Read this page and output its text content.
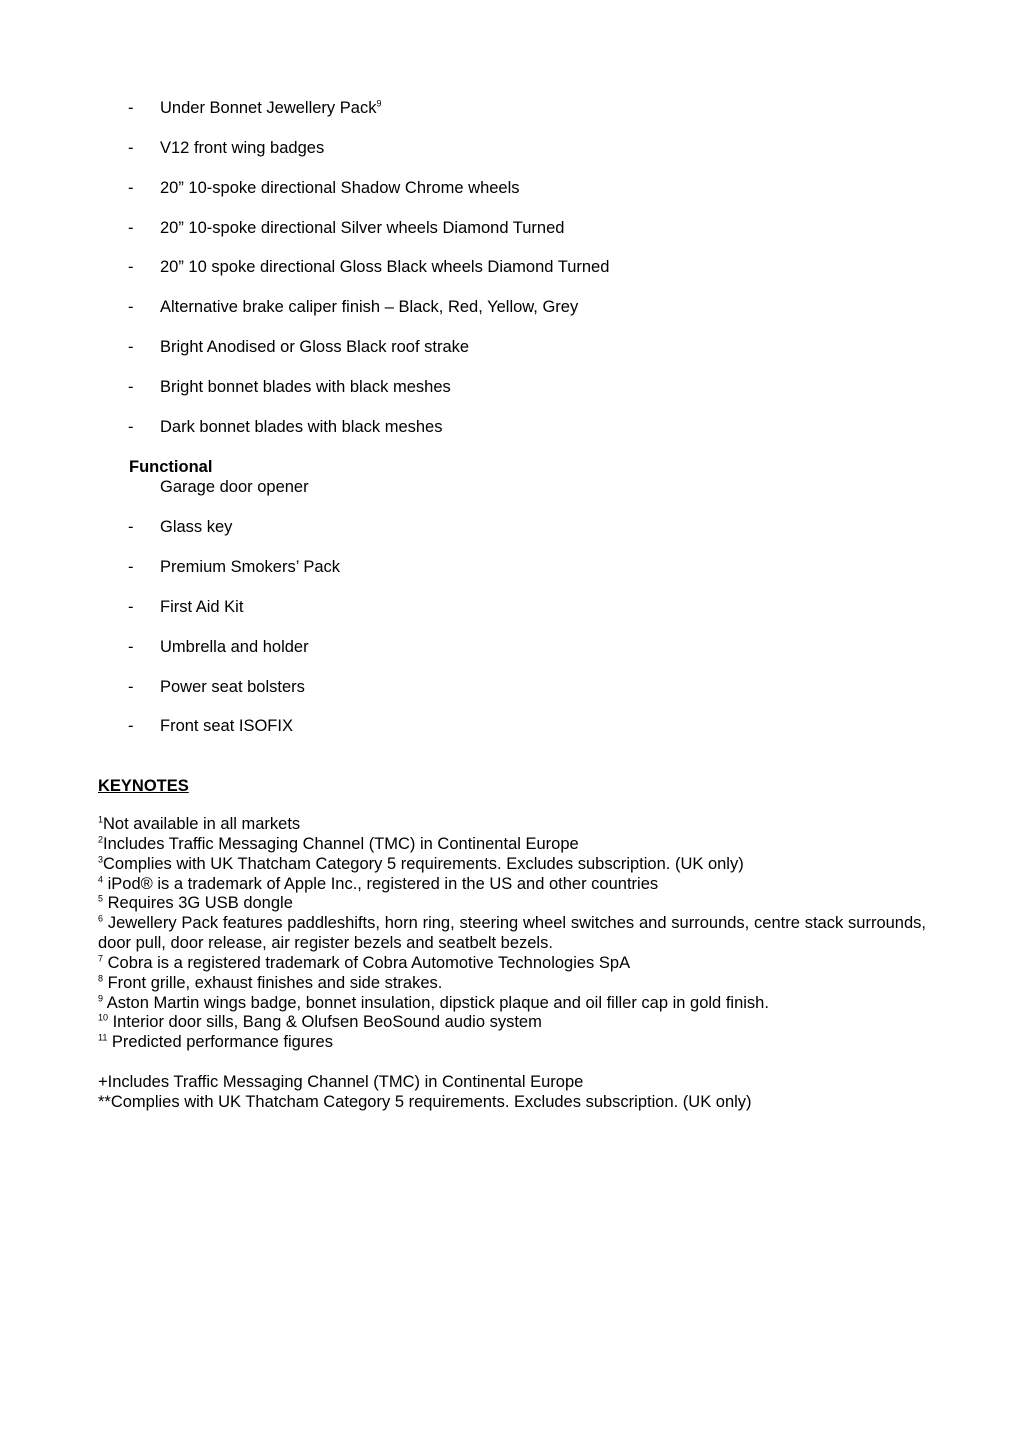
- Under Bonnet Jewellery Pack$^9$
- V12 front wing badges
- 20” 10-spoke directional Shadow Chrome wheels
- 20” 10-spoke directional Silver wheels Diamond Turned
- 20” 10 spoke directional Gloss Black wheels Diamond Turned
- Alternative brake caliper finish – Black, Red, Yellow, Grey
- Bright Anodised or Gloss Black roof strake
- Bright bonnet blades with black meshes
- Dark bonnet blades with black meshes
Functional
Garage door opener
- Glass key
- Premium Smokers’ Pack
- First Aid Kit
- Umbrella and holder
- Power seat bolsters
- Front seat ISOFIX
KEYNOTES
$^1$Not available in all markets
$^2$Includes Traffic Messaging Channel (TMC) in Continental Europe
$^3$Complies with UK Thatcham Category 5 requirements. Excludes subscription. (UK only)
$^4$ iPod® is a trademark of Apple Inc., registered in the US and other countries
$^5$ Requires 3G USB dongle
$^6$ Jewellery Pack features paddleshifts, horn ring, steering wheel switches and surrounds, centre stack surrounds, door pull, door release, air register bezels and seatbelt bezels.
$^7$ Cobra is a registered trademark of Cobra Automotive Technologies SpA
$^8$ Front grille, exhaust finishes and side strakes.
$^9$ Aston Martin wings badge, bonnet insulation, dipstick plaque and oil filler cap in gold finish.
$^{10}$ Interior door sills, Bang & Olufsen BeoSound audio system
$^{11}$ Predicted performance figures
+Includes Traffic Messaging Channel (TMC) in Continental Europe
**Complies with UK Thatcham Category 5 requirements. Excludes subscription. (UK only)
